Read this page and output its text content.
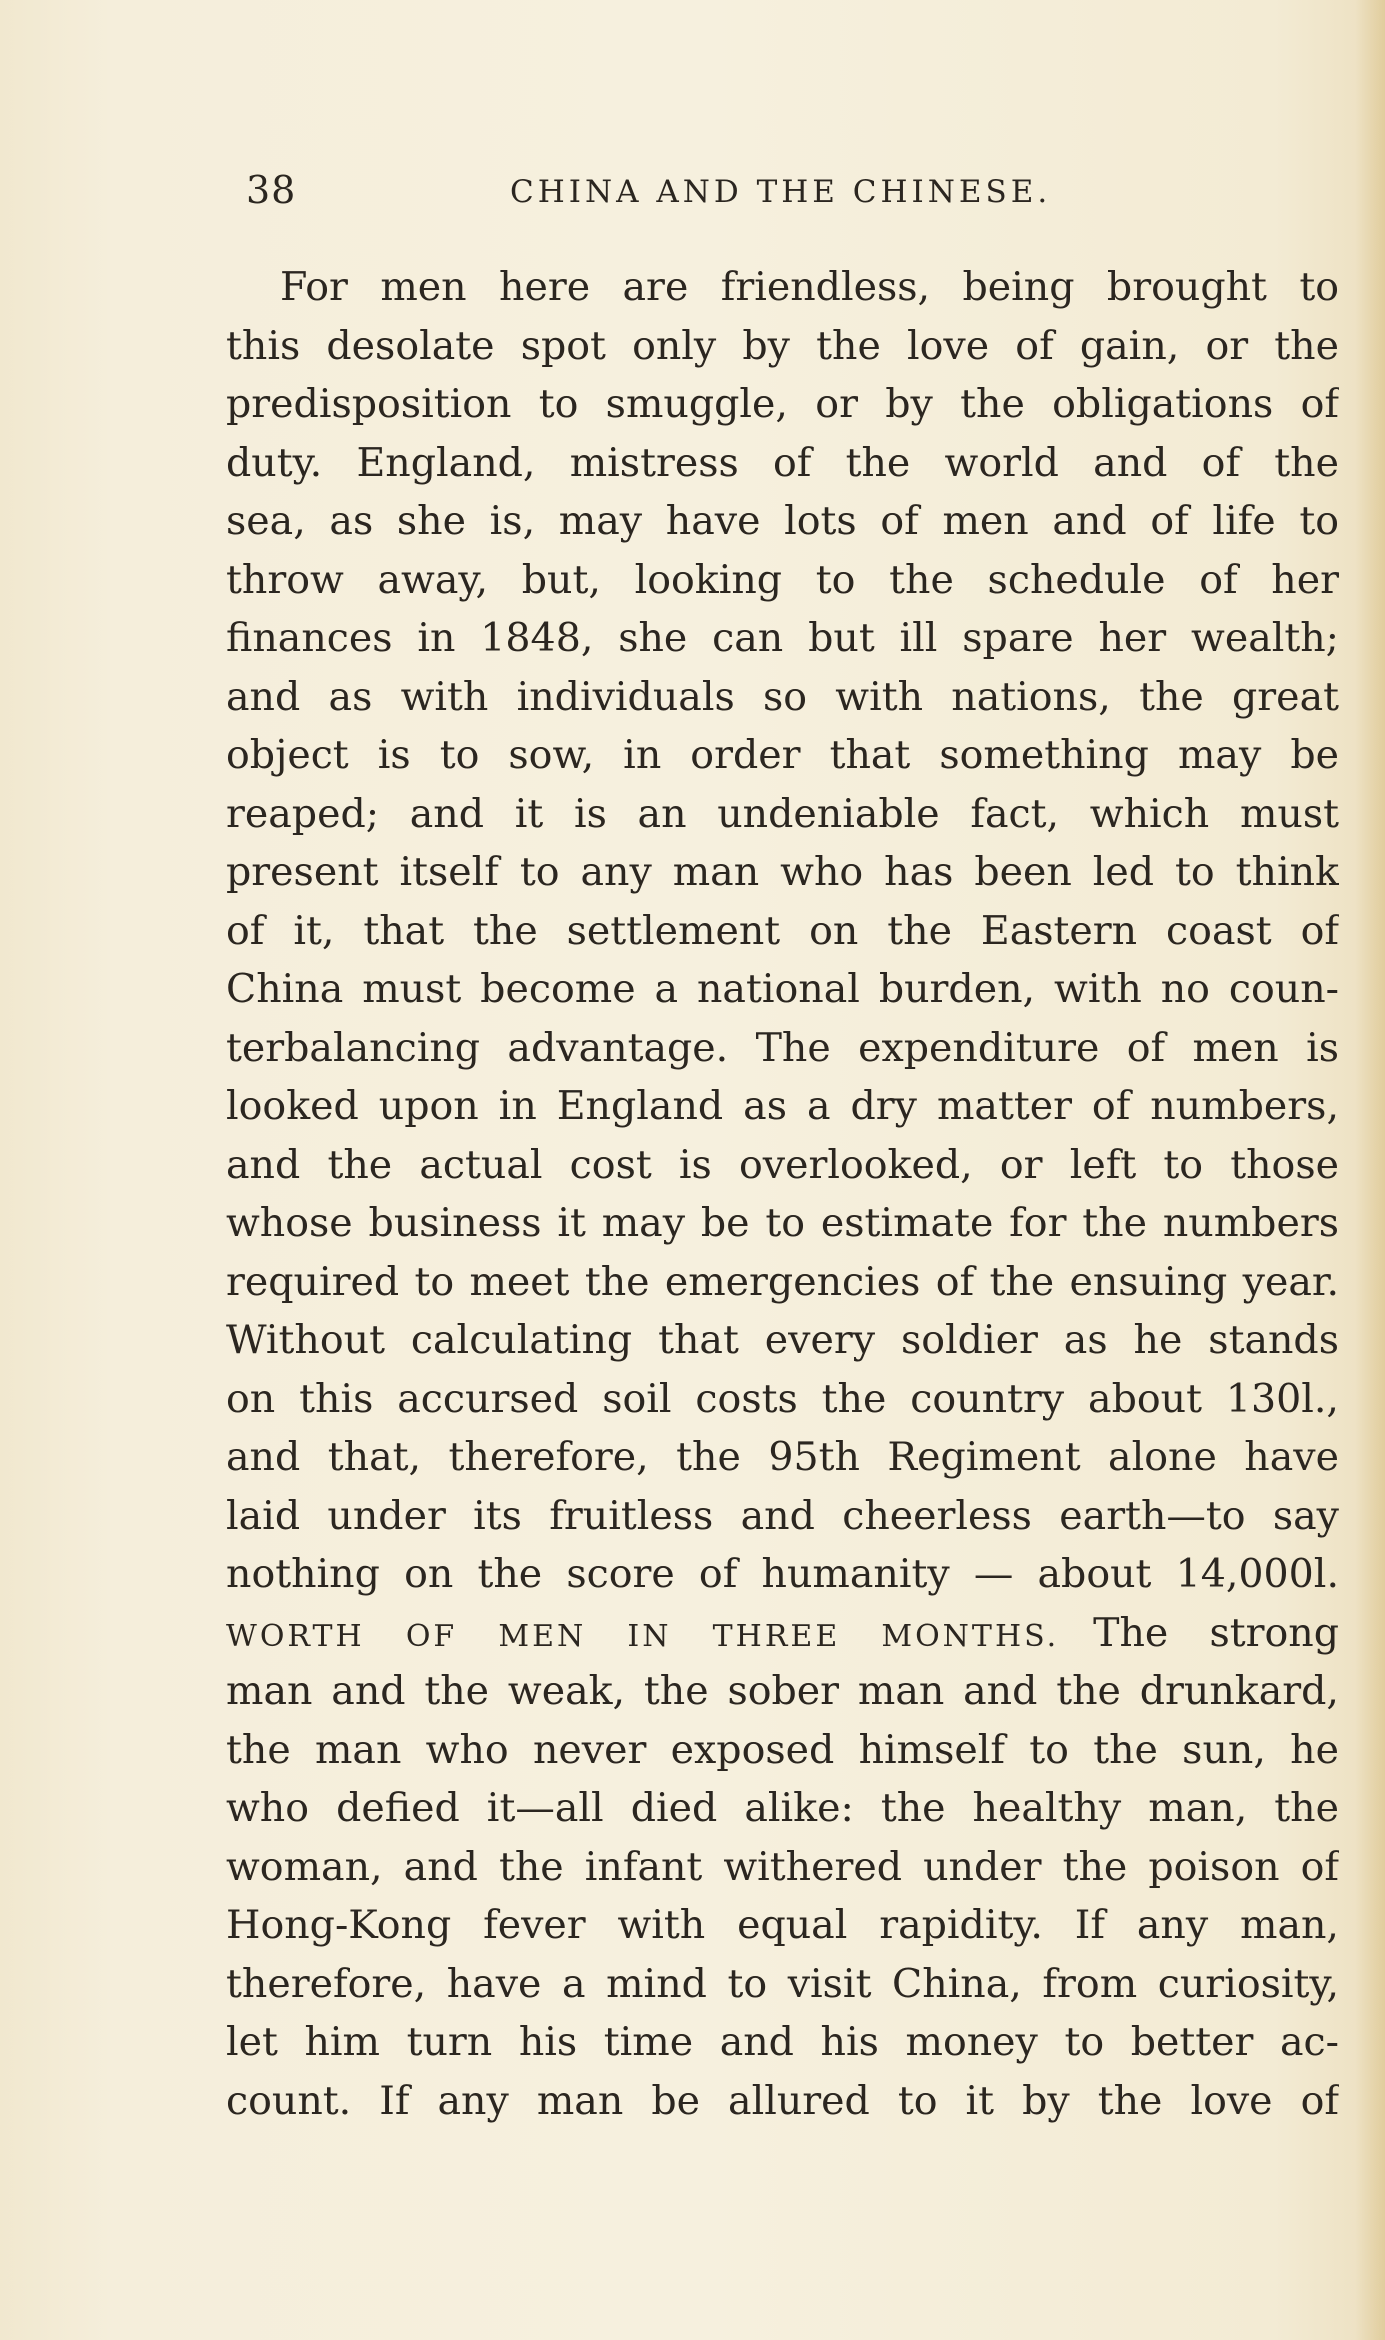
38	CHINA AND THE CHINESE.
For men here are friendless, being brought to
this desolate spot only by the love of gain, or the
predisposition to smuggle, or by the obligations of
duty. England, mistress of the world and of the
sea, as she is, may have lots of men and of life to
throw away, but, looking to the schedule of her
finances in 1848, she can but ill spare her wealth;
and as with individuals so with nations, the great
object is to sow, in order that something may be
reaped; and it is an undeniable fact, which must
present itself to any man who has been led to think
of it, that the settlement on the Eastern coast of
China must become a national burden, with no coun-
terbalancing advantage. The expenditure of men is
looked upon in England as a dry matter of numbers,
and the actual cost is overlooked, or left to those
whose business it may be to estimate for the numbers
required to meet the emergencies of the ensuing year.
Without calculating that every soldier as he stands
on this accursed soil costs the country about 130l.,
and that, therefore, the 95th Regiment alone have
laid under its fruitless and cheerless earth—to say
nothing on the score of humanity — about 14,000l.
WORTH OF MEN IN THREE MONTHS. The strong
man and the weak, the sober man and the drunkard,
the man who never exposed himself to the sun, he
who defied it—all died alike: the healthy man, the
woman, and the infant withered under the poison of
Hong-Kong fever with equal rapidity. If any man,
therefore, have a mind to visit China, from curiosity,
let him turn his time and his money to better ac-
count. If any man be allured to it by the love of
